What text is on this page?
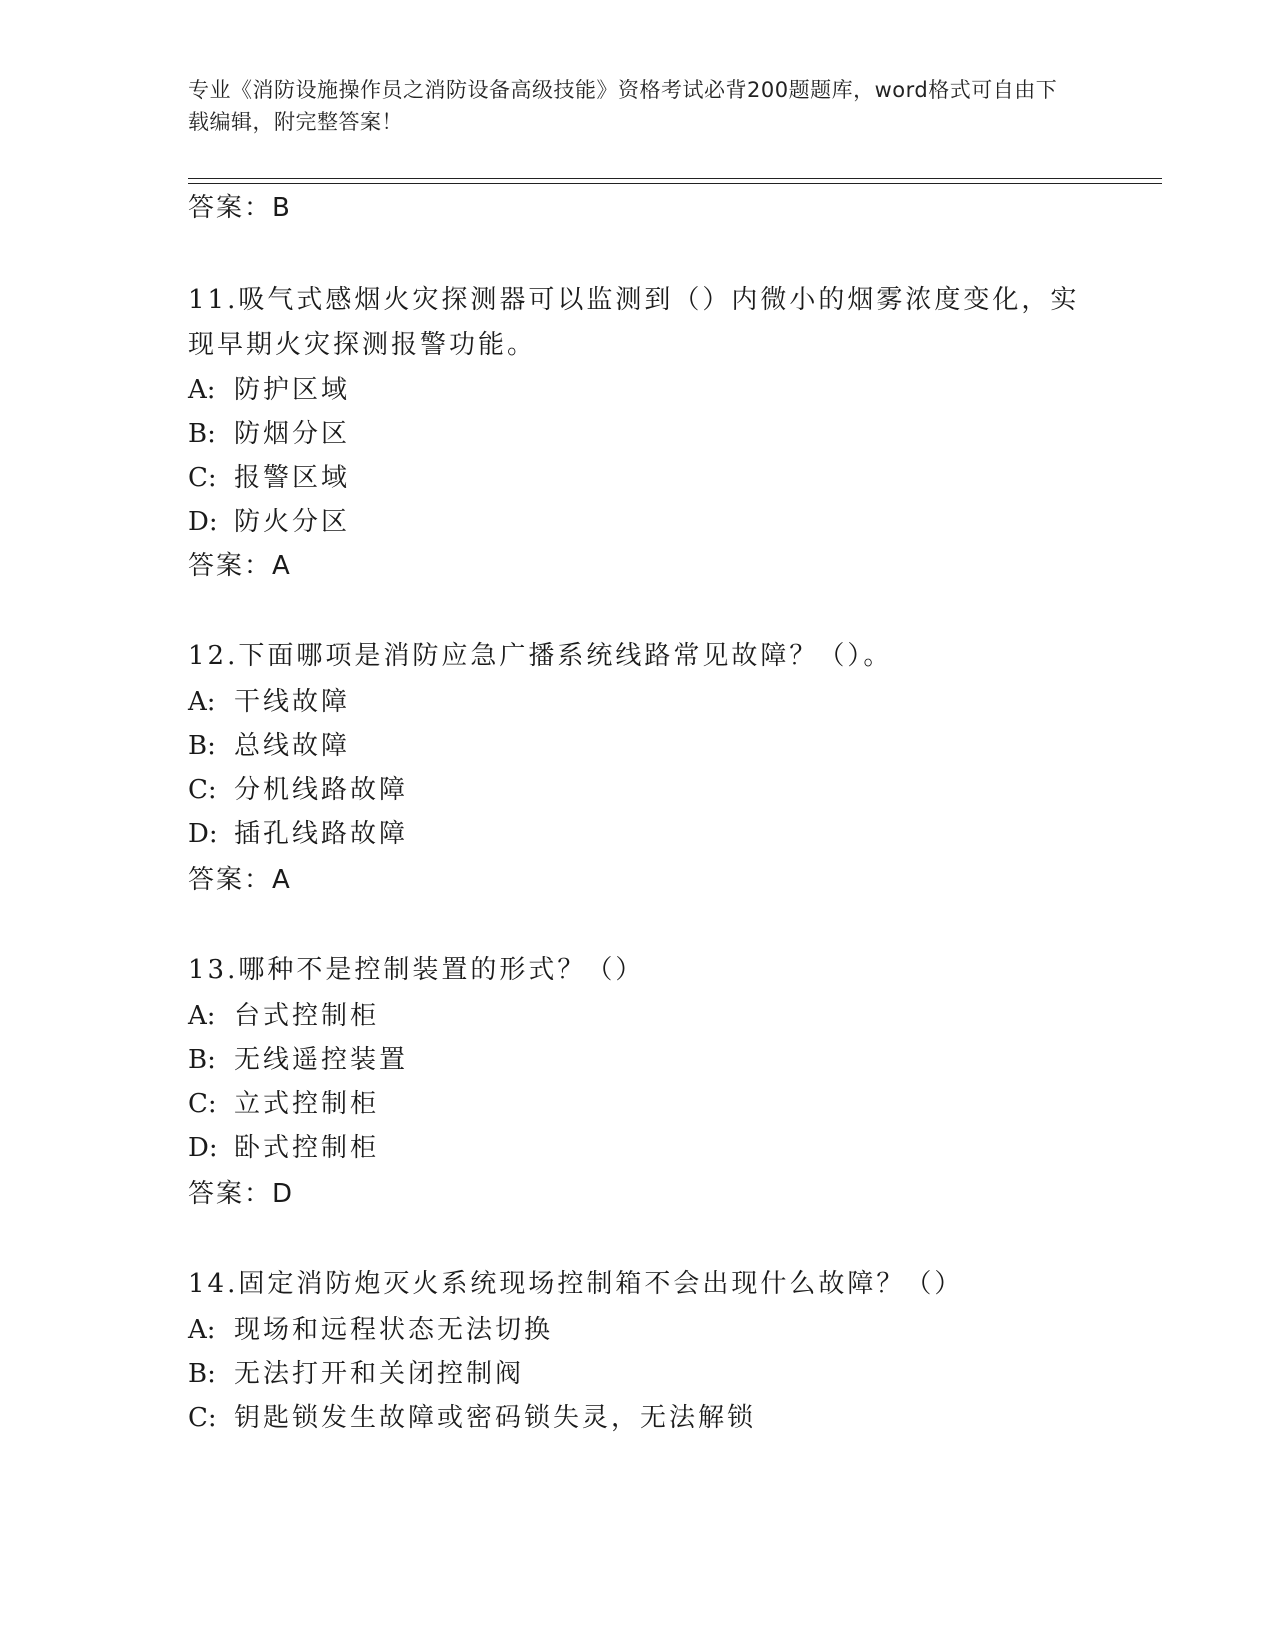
专业《消防设施操作员之消防设备高级技能》资格考试必背200题题库，word格式可自由下载编辑，附完整答案！
答案：B
11.吸气式感烟火灾探测器可以监测到（）内微小的烟雾浓度变化，实现早期火灾探测报警功能。
A: 防护区域
B: 防烟分区
C: 报警区域
D: 防火分区
答案：A
12.下面哪项是消防应急广播系统线路常见故障？（）。
A: 干线故障
B: 总线故障
C: 分机线路故障
D: 插孔线路故障
答案：A
13.哪种不是控制装置的形式？（）
A: 台式控制柜
B: 无线遥控装置
C: 立式控制柜
D: 卧式控制柜
答案：D
14.固定消防炮灭火系统现场控制箱不会出现什么故障？（）
A: 现场和远程状态无法切换
B: 无法打开和关闭控制阀
C: 钥匙锁发生故障或密码锁失灵，无法解锁
